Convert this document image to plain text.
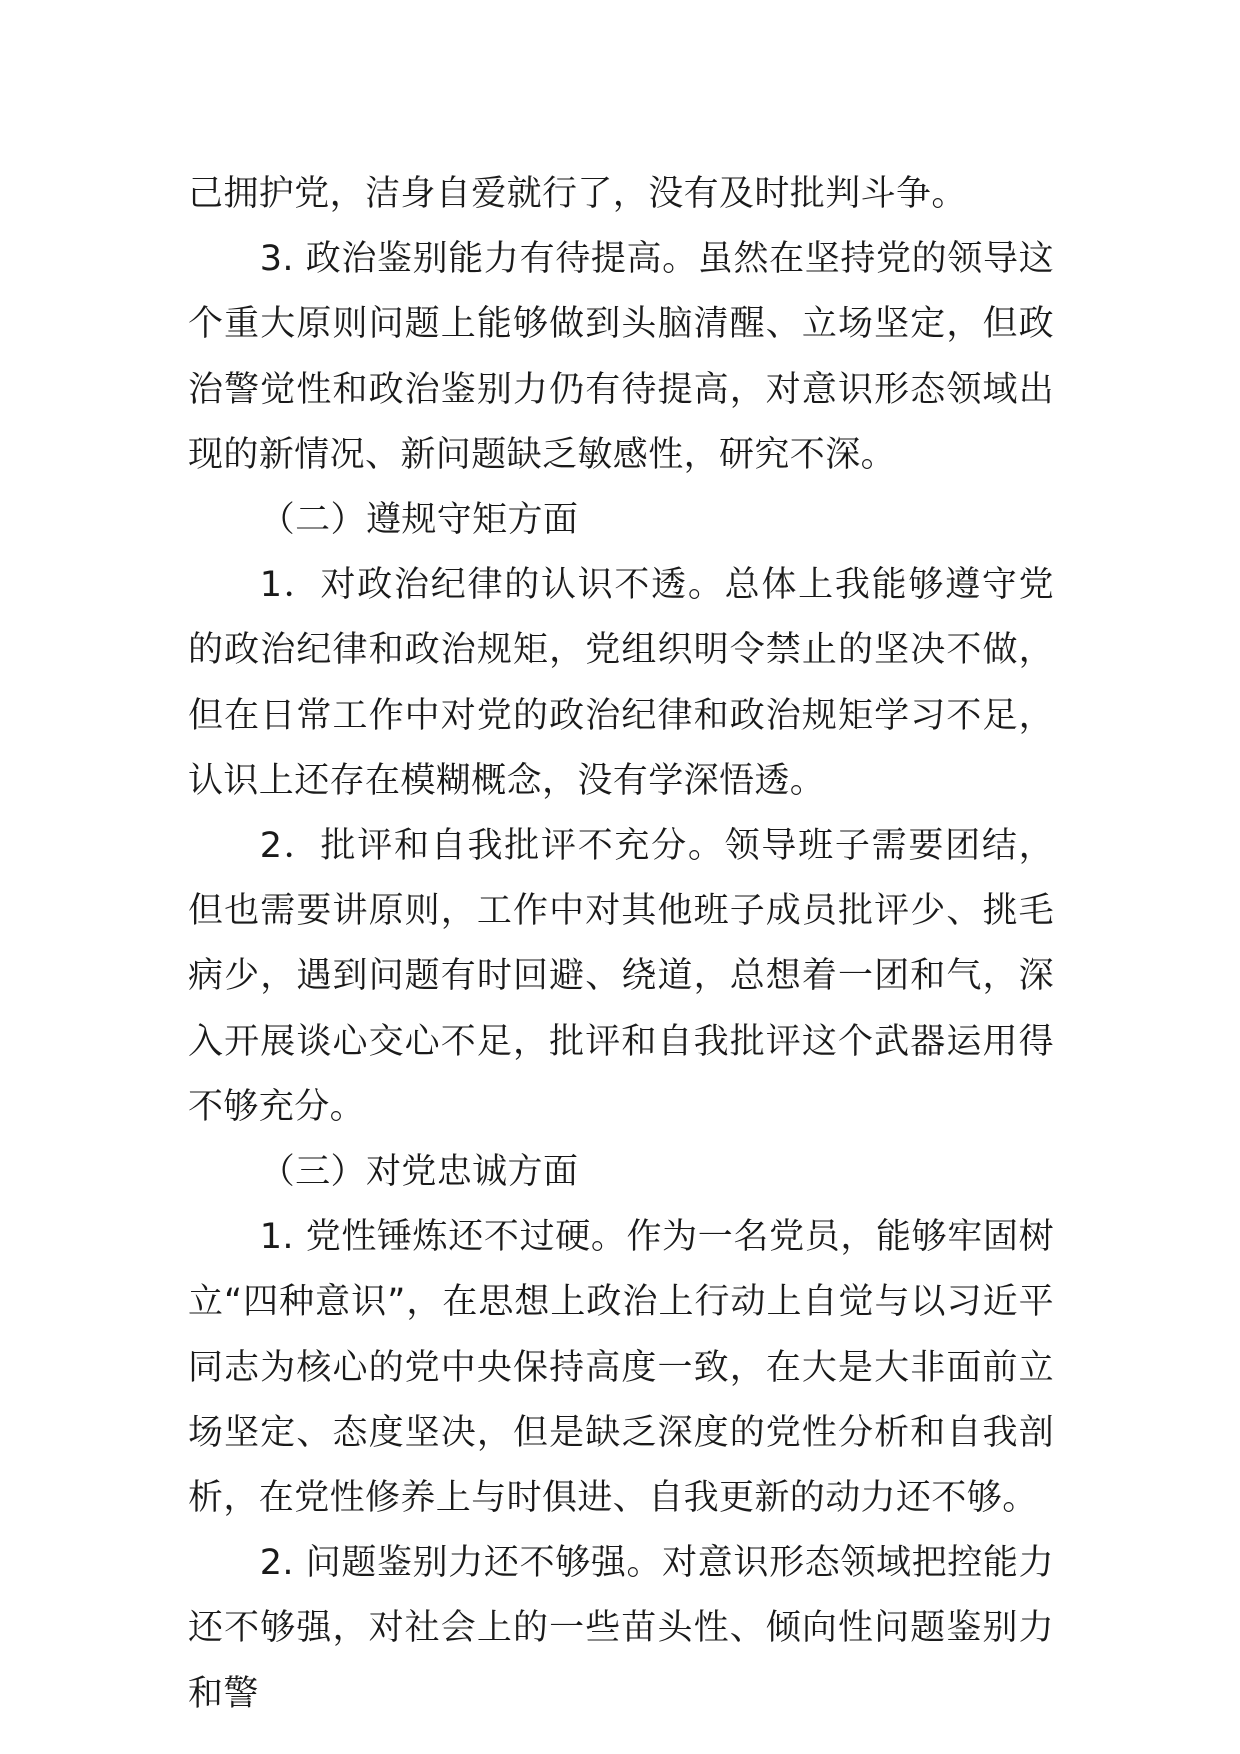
己拥护党，洁身自爱就行了，没有及时批判斗争。

3. 政治鉴别能力有待提高。虽然在坚持党的领导这个重大原则问题上能够做到头脑清醒、立场坚定，但政治警觉性和政治鉴别力仍有待提高，对意识形态领域出现的新情况、新问题缺乏敏感性，研究不深。

（二）遵规守矩方面

1．对政治纪律的认识不透。总体上我能够遵守党的政治纪律和政治规矩，党组织明令禁止的坚决不做，但在日常工作中对党的政治纪律和政治规矩学习不足，认识上还存在模糊概念，没有学深悟透。

2．批评和自我批评不充分。领导班子需要团结，但也需要讲原则，工作中对其他班子成员批评少、挑毛病少，遇到问题有时回避、绕道，总想着一团和气，深入开展谈心交心不足，批评和自我批评这个武器运用得不够充分。

（三）对党忠诚方面

1. 党性锤炼还不过硬。作为一名党员，能够牢固树立“四种意识”，在思想上政治上行动上自觉与以习近平同志为核心的党中央保持高度一致，在大是大非面前立场坚定、态度坚决，但是缺乏深度的党性分析和自我剖析，在党性修养上与时俱进、自我更新的动力还不够。

2. 问题鉴别力还不够强。对意识形态领域把控能力还不够强，对社会上的一些苗头性、倾向性问题鉴别力和警
